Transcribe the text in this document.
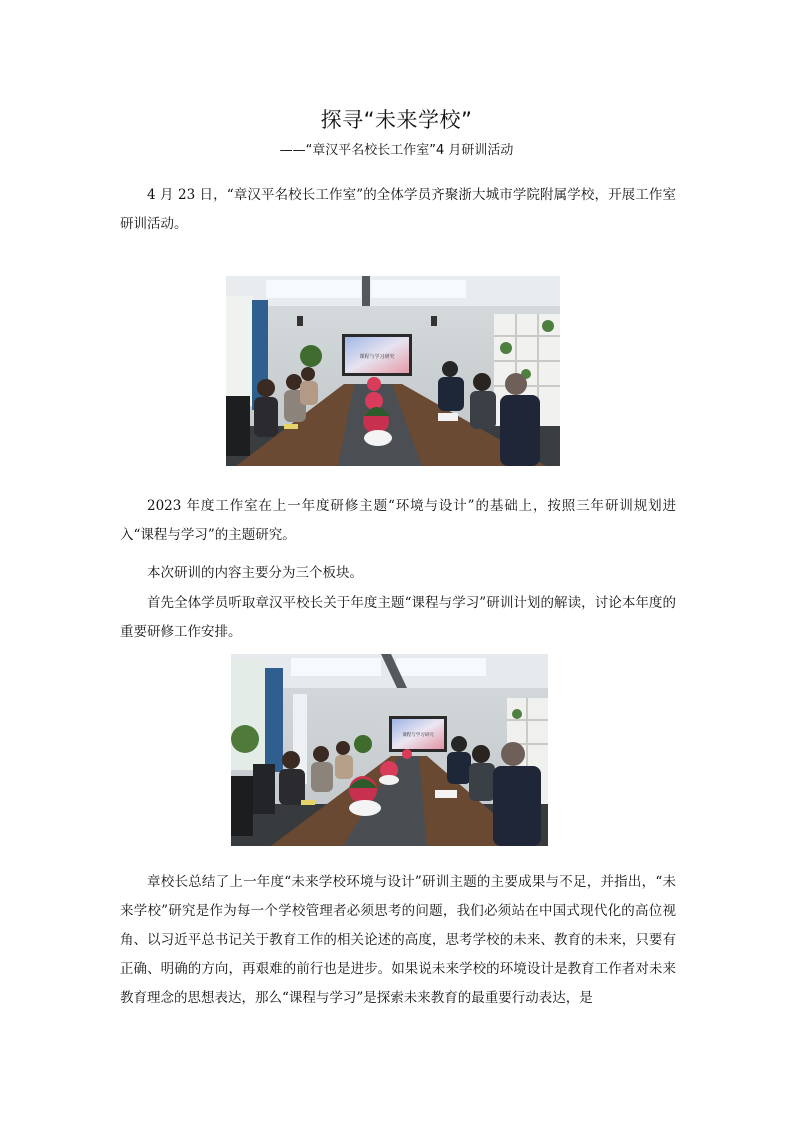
探寻“未来学校”
——“章汉平名校长工作室”4 月研训活动

4 月 23 日，“章汉平名校长工作室”的全体学员齐聚浙大城市学院附属学校，开展工作室研训活动。

课程与学习研究

2023 年度工作室在上一年度研修主题“环境与设计”的基础上，按照三年研训规划进入“课程与学习”的主题研究。

本次研训的内容主要分为三个板块。

首先全体学员听取章汉平校长关于年度主题“课程与学习”研训计划的解读，讨论本年度的重要研修工作安排。

课程与学习研究

章校长总结了上一年度“未来学校环境与设计”研训主题的主要成果与不足，并指出，“未来学校”研究是作为每一个学校管理者必须思考的问题，我们必须站在中国式现代化的高位视角、以习近平总书记关于教育工作的相关论述的高度，思考学校的未来、教育的未来，只要有正确、明确的方向，再艰难的前行也是进步。如果说未来学校的环境设计是教育工作者对未来教育理念的思想表达，那么“课程与学习”是探索未来教育的最重要行动表达，是
